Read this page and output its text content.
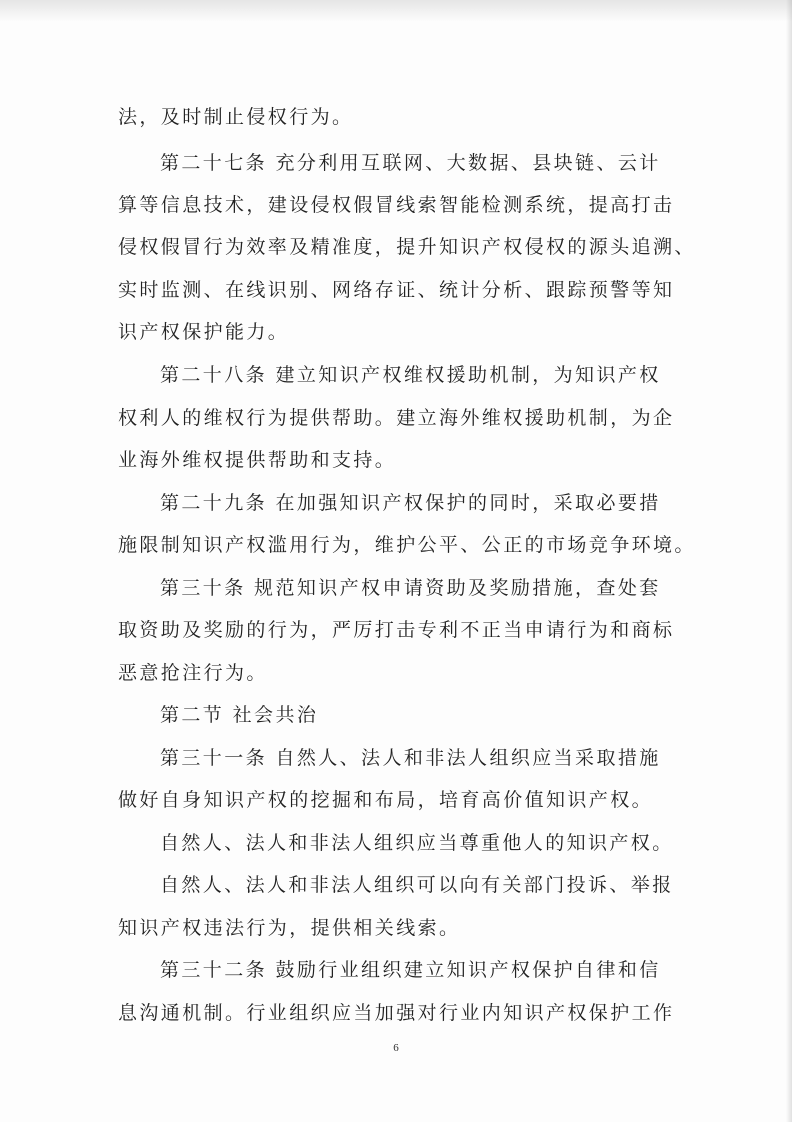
法，及时制止侵权行为。
第二十七条 充分利用互联网、大数据、县块链、云计
算等信息技术，建设侵权假冒线索智能检测系统，提高打击
侵权假冒行为效率及精准度，提升知识产权侵权的源头追溯、
实时监测、在线识别、网络存证、统计分析、跟踪预警等知
识产权保护能力。
第二十八条 建立知识产权维权援助机制，为知识产权
权利人的维权行为提供帮助。建立海外维权援助机制，为企
业海外维权提供帮助和支持。
第二十九条 在加强知识产权保护的同时，采取必要措
施限制知识产权滥用行为，维护公平、公正的市场竞争环境。
第三十条 规范知识产权申请资助及奖励措施，查处套
取资助及奖励的行为，严厉打击专利不正当申请行为和商标
恶意抢注行为。
第二节 社会共治
第三十一条 自然人、法人和非法人组织应当采取措施
做好自身知识产权的挖掘和布局，培育高价值知识产权。
自然人、法人和非法人组织应当尊重他人的知识产权。
自然人、法人和非法人组织可以向有关部门投诉、举报
知识产权违法行为，提供相关线索。
第三十二条 鼓励行业组织建立知识产权保护自律和信
息沟通机制。行业组织应当加强对行业内知识产权保护工作
6
